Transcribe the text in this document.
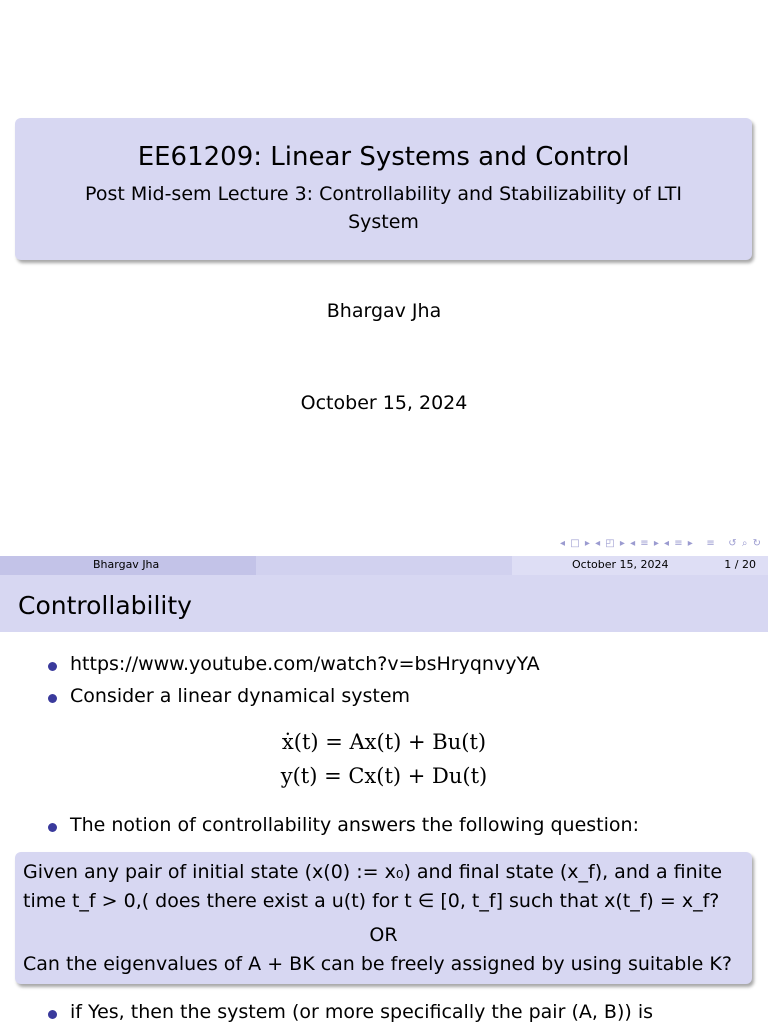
EE61209: Linear Systems and Control
Post Mid-sem Lecture 3: Controllability and Stabilizability of LTI System
Bhargav Jha
October 15, 2024
◂ □ ▸ ◂ ◰ ▸ ◂ ≡ ▸ ◂ ≡ ▸   ≡   ↺ ⌕ ↻
Bhargav Jha	October 15, 2024	1 / 20
Controllability
https://www.youtube.com/watch?v=bsHryqnvyYA
Consider a linear dynamical system
The notion of controllability answers the following question:
if Yes, then the system (or more specifically the pair (A, B)) is
ẋ(t) = Ax(t) + Bu(t)
y(t) = Cx(t) + Du(t)
Given any pair of initial state (x(0) := x₀) and final state (x_f), and a finite
time t_f > 0,( does there exist a u(t) for t ∈ [0, t_f] such that x(t_f) = x_f?
OR
Can the eigenvalues of A + BK can be freely assigned by using suitable K?
